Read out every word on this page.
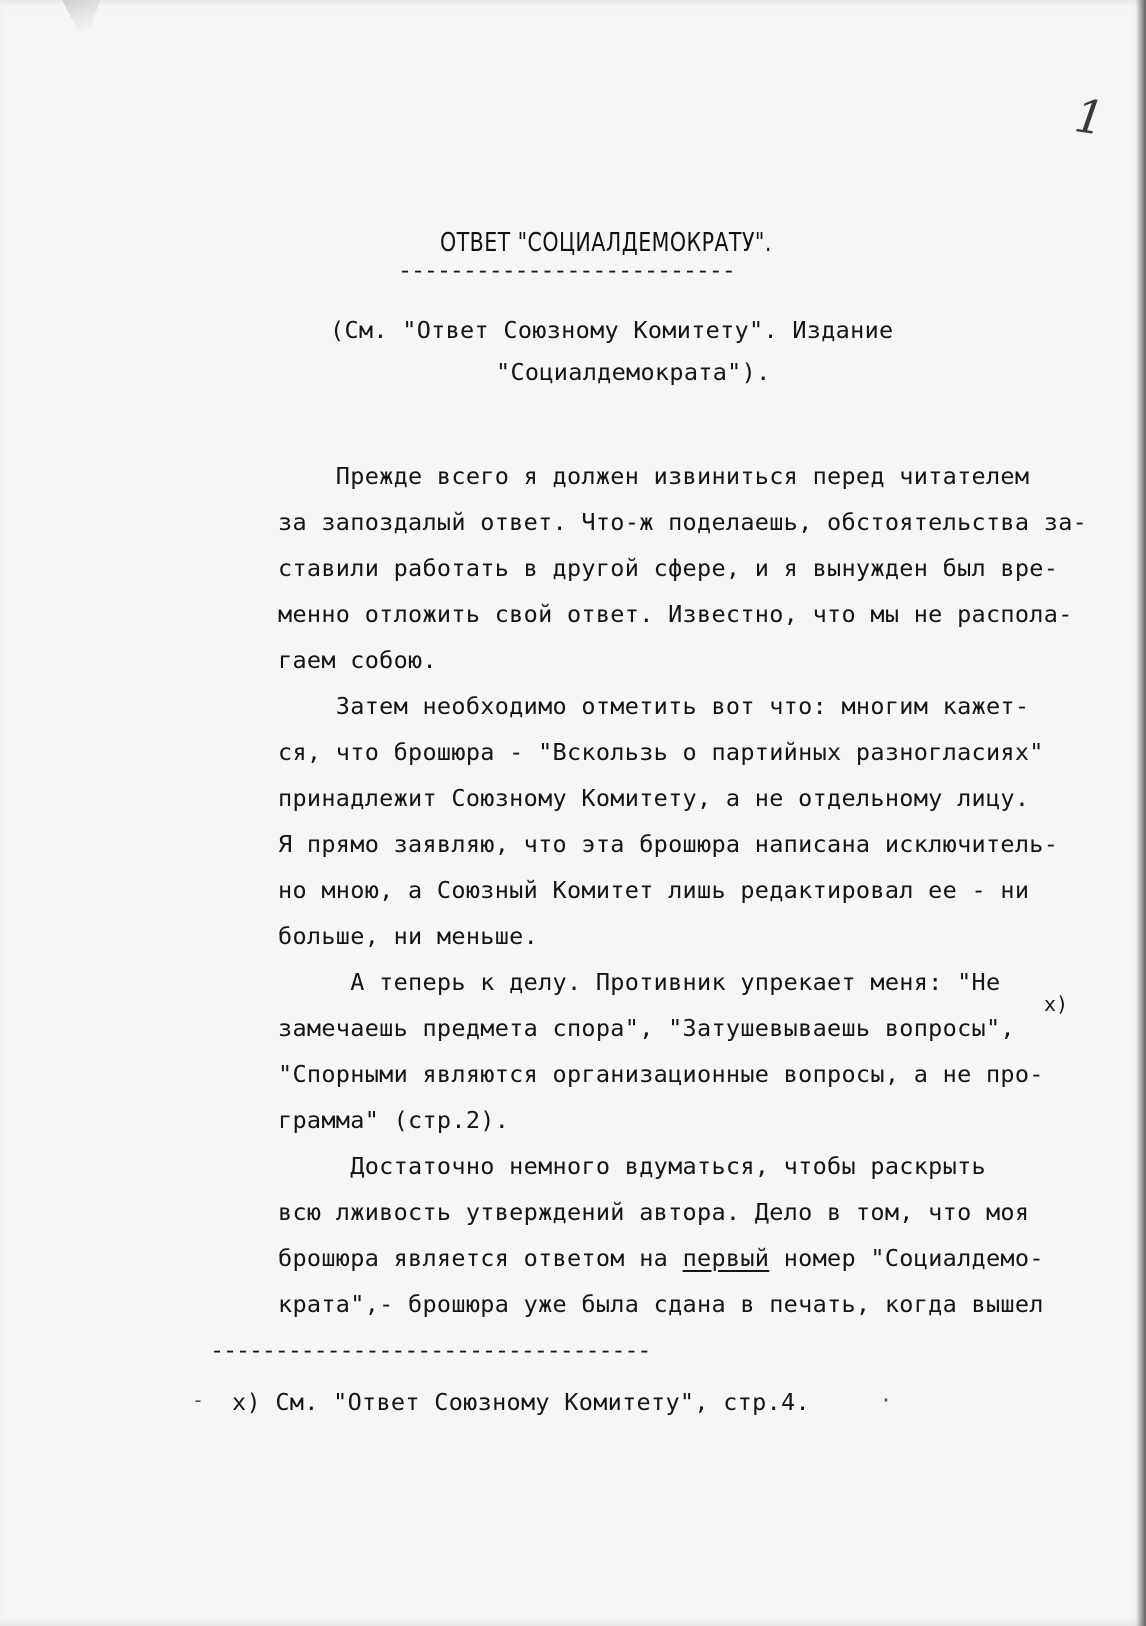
1

ОТВЕТ "СОЦИАЛДЕМОКРАТУ".

--------------------------

(См. "Ответ Союзному Комитету". Издание

"Социалдемократа").

Прежде всего я должен извиниться перед читателем

за запоздалый ответ. Что-ж поделаешь, обстоятельства за-

ставили работать в другой сфере, и я вынужден был вре-

менно отложить свой ответ. Известно, что мы не распола-

гаем собою.

Затем необходимо отметить вот что: многим кажет-

ся, что брошюра - "Вскользь о партийных разногласиях"

принадлежит Союзному Комитету, а не отдельному лицу.

Я прямо заявляю, что эта брошюра написана исключитель-

но мною, а Союзный Комитет лишь редактировал ее - ни

больше, ни меньше.

А теперь к делу. Противник упрекает меня: "Не

x)

замечаешь предмета спора", "Затушевываешь вопросы",

"Спорными являются организационные вопросы, а не про-

грамма" (стр.2).

Достаточно немного вдуматься, чтобы раскрыть

всю лживость утверждений автора. Дело в том, что моя

брошюра является ответом на первый номер "Социалдемо-

крата",- брошюра уже была сдана в печать, когда вышел

----------------------------------

x) См. "Ответ Союзному Комитету", стр.4.

-	·
